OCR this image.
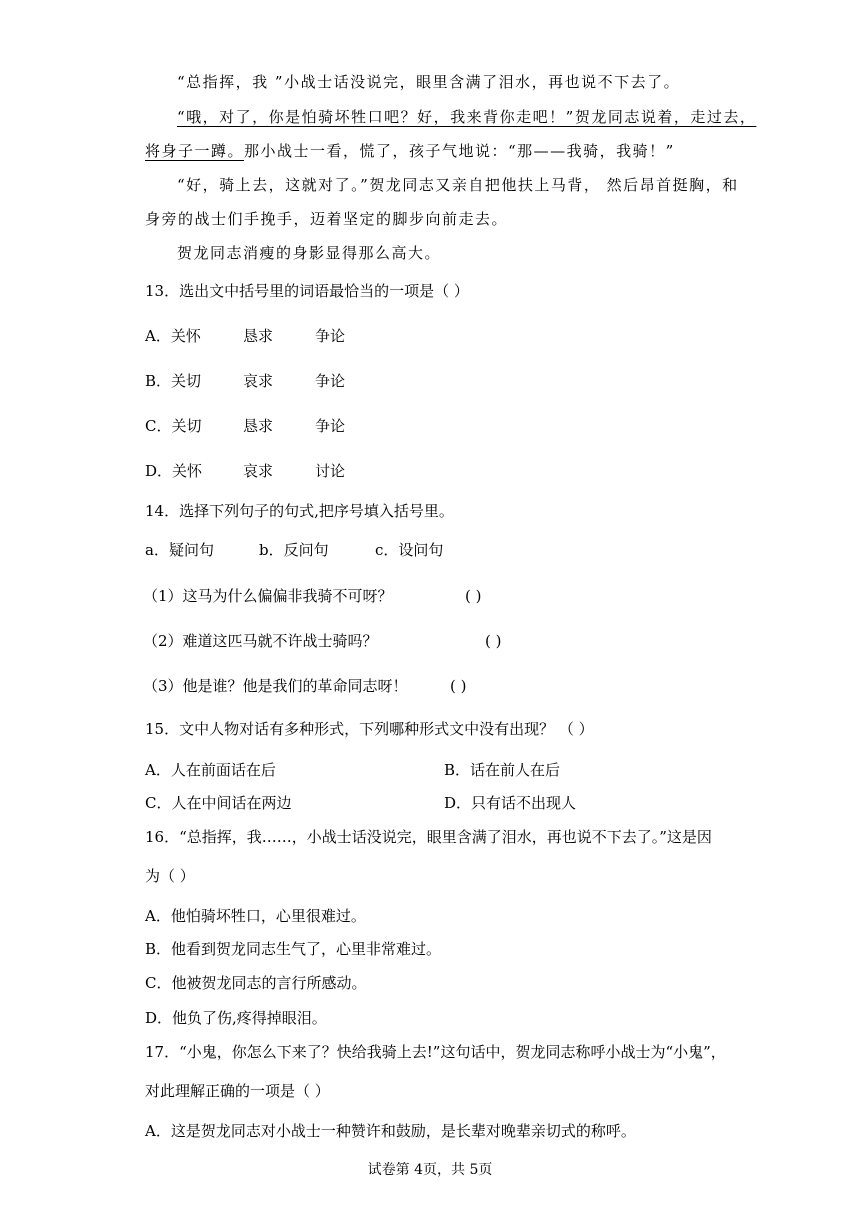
“总指挥，我 ”小战士话没说完，眼里含满了泪水，再也说不下去了。
“哦，对了，你是怕骑坏牲口吧？好，我来背你走吧！”贺龙同志说着，走过去，
将身子一蹲。那小战士一看，慌了，孩子气地说：“那——我骑，我骑！”
“好，骑上去，这就对了。”贺龙同志又亲自把他扶上马背， 然后昂首挺胸，和
身旁的战士们手挽手，迈着坚定的脚步向前走去。
贺龙同志消瘦的身影显得那么高大。
13．选出文中括号里的词语最恰当的一项是（ ）
A．关怀	恳求	争论
B．关切	哀求	争论
C．关切	恳求	争论
D．关怀	哀求	讨论
14．选择下列句子的句式,把序号填入括号里。
a．疑问句	b．反问句	c．设问句
（1）这马为什么偏偏非我骑不可呀？	( )
（2）难道这匹马就不许战士骑吗？	( )
（3）他是谁？他是我们的革命同志呀！	( )
15．文中人物对话有多种形式，下列哪种形式文中没有出现？ （ ）
A．人在前面话在后	B．话在前人在后
C．人在中间话在两边	D．只有话不出现人
16．“总指挥，我……，小战士话没说完，眼里含满了泪水，再也说不下去了。”这是因
为（ ）
A．他怕骑坏牲口，心里很难过。
B．他看到贺龙同志生气了，心里非常难过。
C．他被贺龙同志的言行所感动。
D．他负了伤,疼得掉眼泪。
17．“小鬼，你怎么下来了？快给我骑上去!”这句话中，贺龙同志称呼小战士为“小鬼”，
对此理解正确的一项是（ ）
A．这是贺龙同志对小战士一种赞许和鼓励，是长辈对晚辈亲切式的称呼。
试卷第 4页，共 5页
